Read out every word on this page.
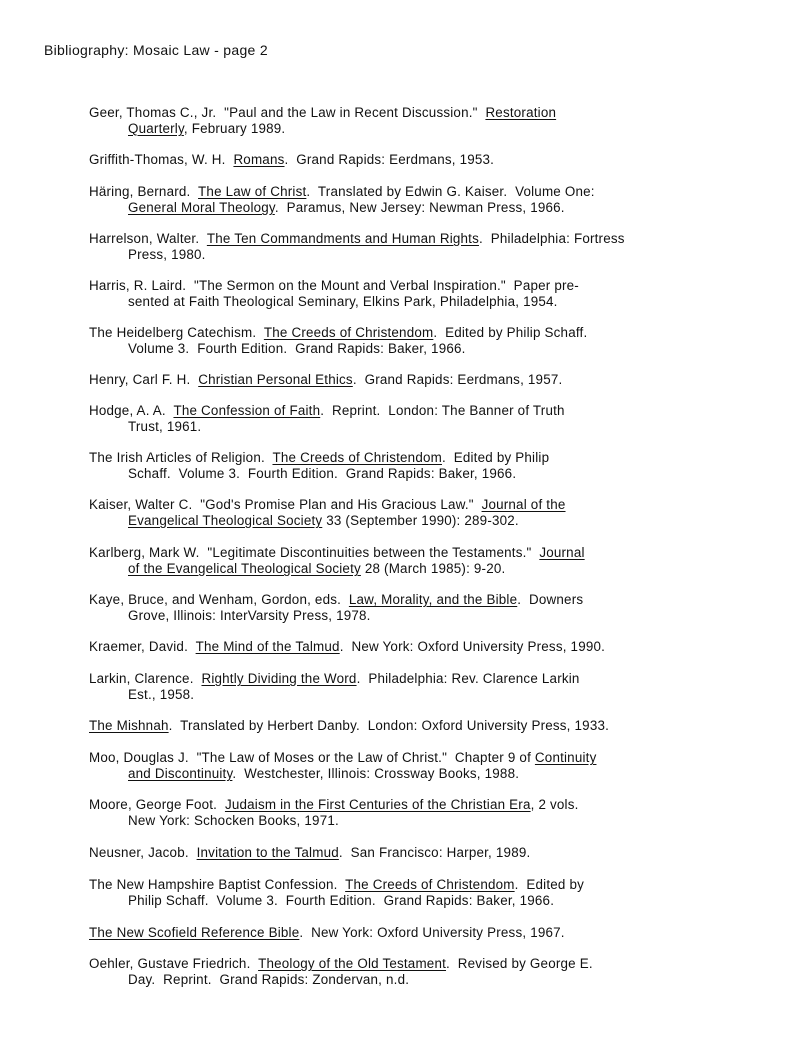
Bibliography: Mosaic Law - page 2
Geer, Thomas C., Jr.  "Paul and the Law in Recent Discussion."  Restoration
Quarterly, February 1989.
Griffith-Thomas, W. H.  Romans.  Grand Rapids: Eerdmans, 1953.
Häring, Bernard.  The Law of Christ.  Translated by Edwin G. Kaiser.  Volume One:
General Moral Theology.  Paramus, New Jersey: Newman Press, 1966.
Harrelson, Walter.  The Ten Commandments and Human Rights.  Philadelphia: Fortress
Press, 1980.
Harris, R. Laird.  "The Sermon on the Mount and Verbal Inspiration."  Paper pre-
sented at Faith Theological Seminary, Elkins Park, Philadelphia, 1954.
The Heidelberg Catechism.  The Creeds of Christendom.  Edited by Philip Schaff.
Volume 3.  Fourth Edition.  Grand Rapids: Baker, 1966.
Henry, Carl F. H.  Christian Personal Ethics.  Grand Rapids: Eerdmans, 1957.
Hodge, A. A.  The Confession of Faith.  Reprint.  London: The Banner of Truth
Trust, 1961.
The Irish Articles of Religion.  The Creeds of Christendom.  Edited by Philip
Schaff.  Volume 3.  Fourth Edition.  Grand Rapids: Baker, 1966.
Kaiser, Walter C.  "God's Promise Plan and His Gracious Law."  Journal of the
Evangelical Theological Society 33 (September 1990): 289-302.
Karlberg, Mark W.  "Legitimate Discontinuities between the Testaments."  Journal
of the Evangelical Theological Society 28 (March 1985): 9-20.
Kaye, Bruce, and Wenham, Gordon, eds.  Law, Morality, and the Bible.  Downers
Grove, Illinois: InterVarsity Press, 1978.
Kraemer, David.  The Mind of the Talmud.  New York: Oxford University Press, 1990.
Larkin, Clarence.  Rightly Dividing the Word.  Philadelphia: Rev. Clarence Larkin
Est., 1958.
The Mishnah.  Translated by Herbert Danby.  London: Oxford University Press, 1933.
Moo, Douglas J.  "The Law of Moses or the Law of Christ."  Chapter 9 of Continuity
and Discontinuity.  Westchester, Illinois: Crossway Books, 1988.
Moore, George Foot.  Judaism in the First Centuries of the Christian Era, 2 vols.
New York: Schocken Books, 1971.
Neusner, Jacob.  Invitation to the Talmud.  San Francisco: Harper, 1989.
The New Hampshire Baptist Confession.  The Creeds of Christendom.  Edited by
Philip Schaff.  Volume 3.  Fourth Edition.  Grand Rapids: Baker, 1966.
The New Scofield Reference Bible.  New York: Oxford University Press, 1967.
Oehler, Gustave Friedrich.  Theology of the Old Testament.  Revised by George E.
Day.  Reprint.  Grand Rapids: Zondervan, n.d.
